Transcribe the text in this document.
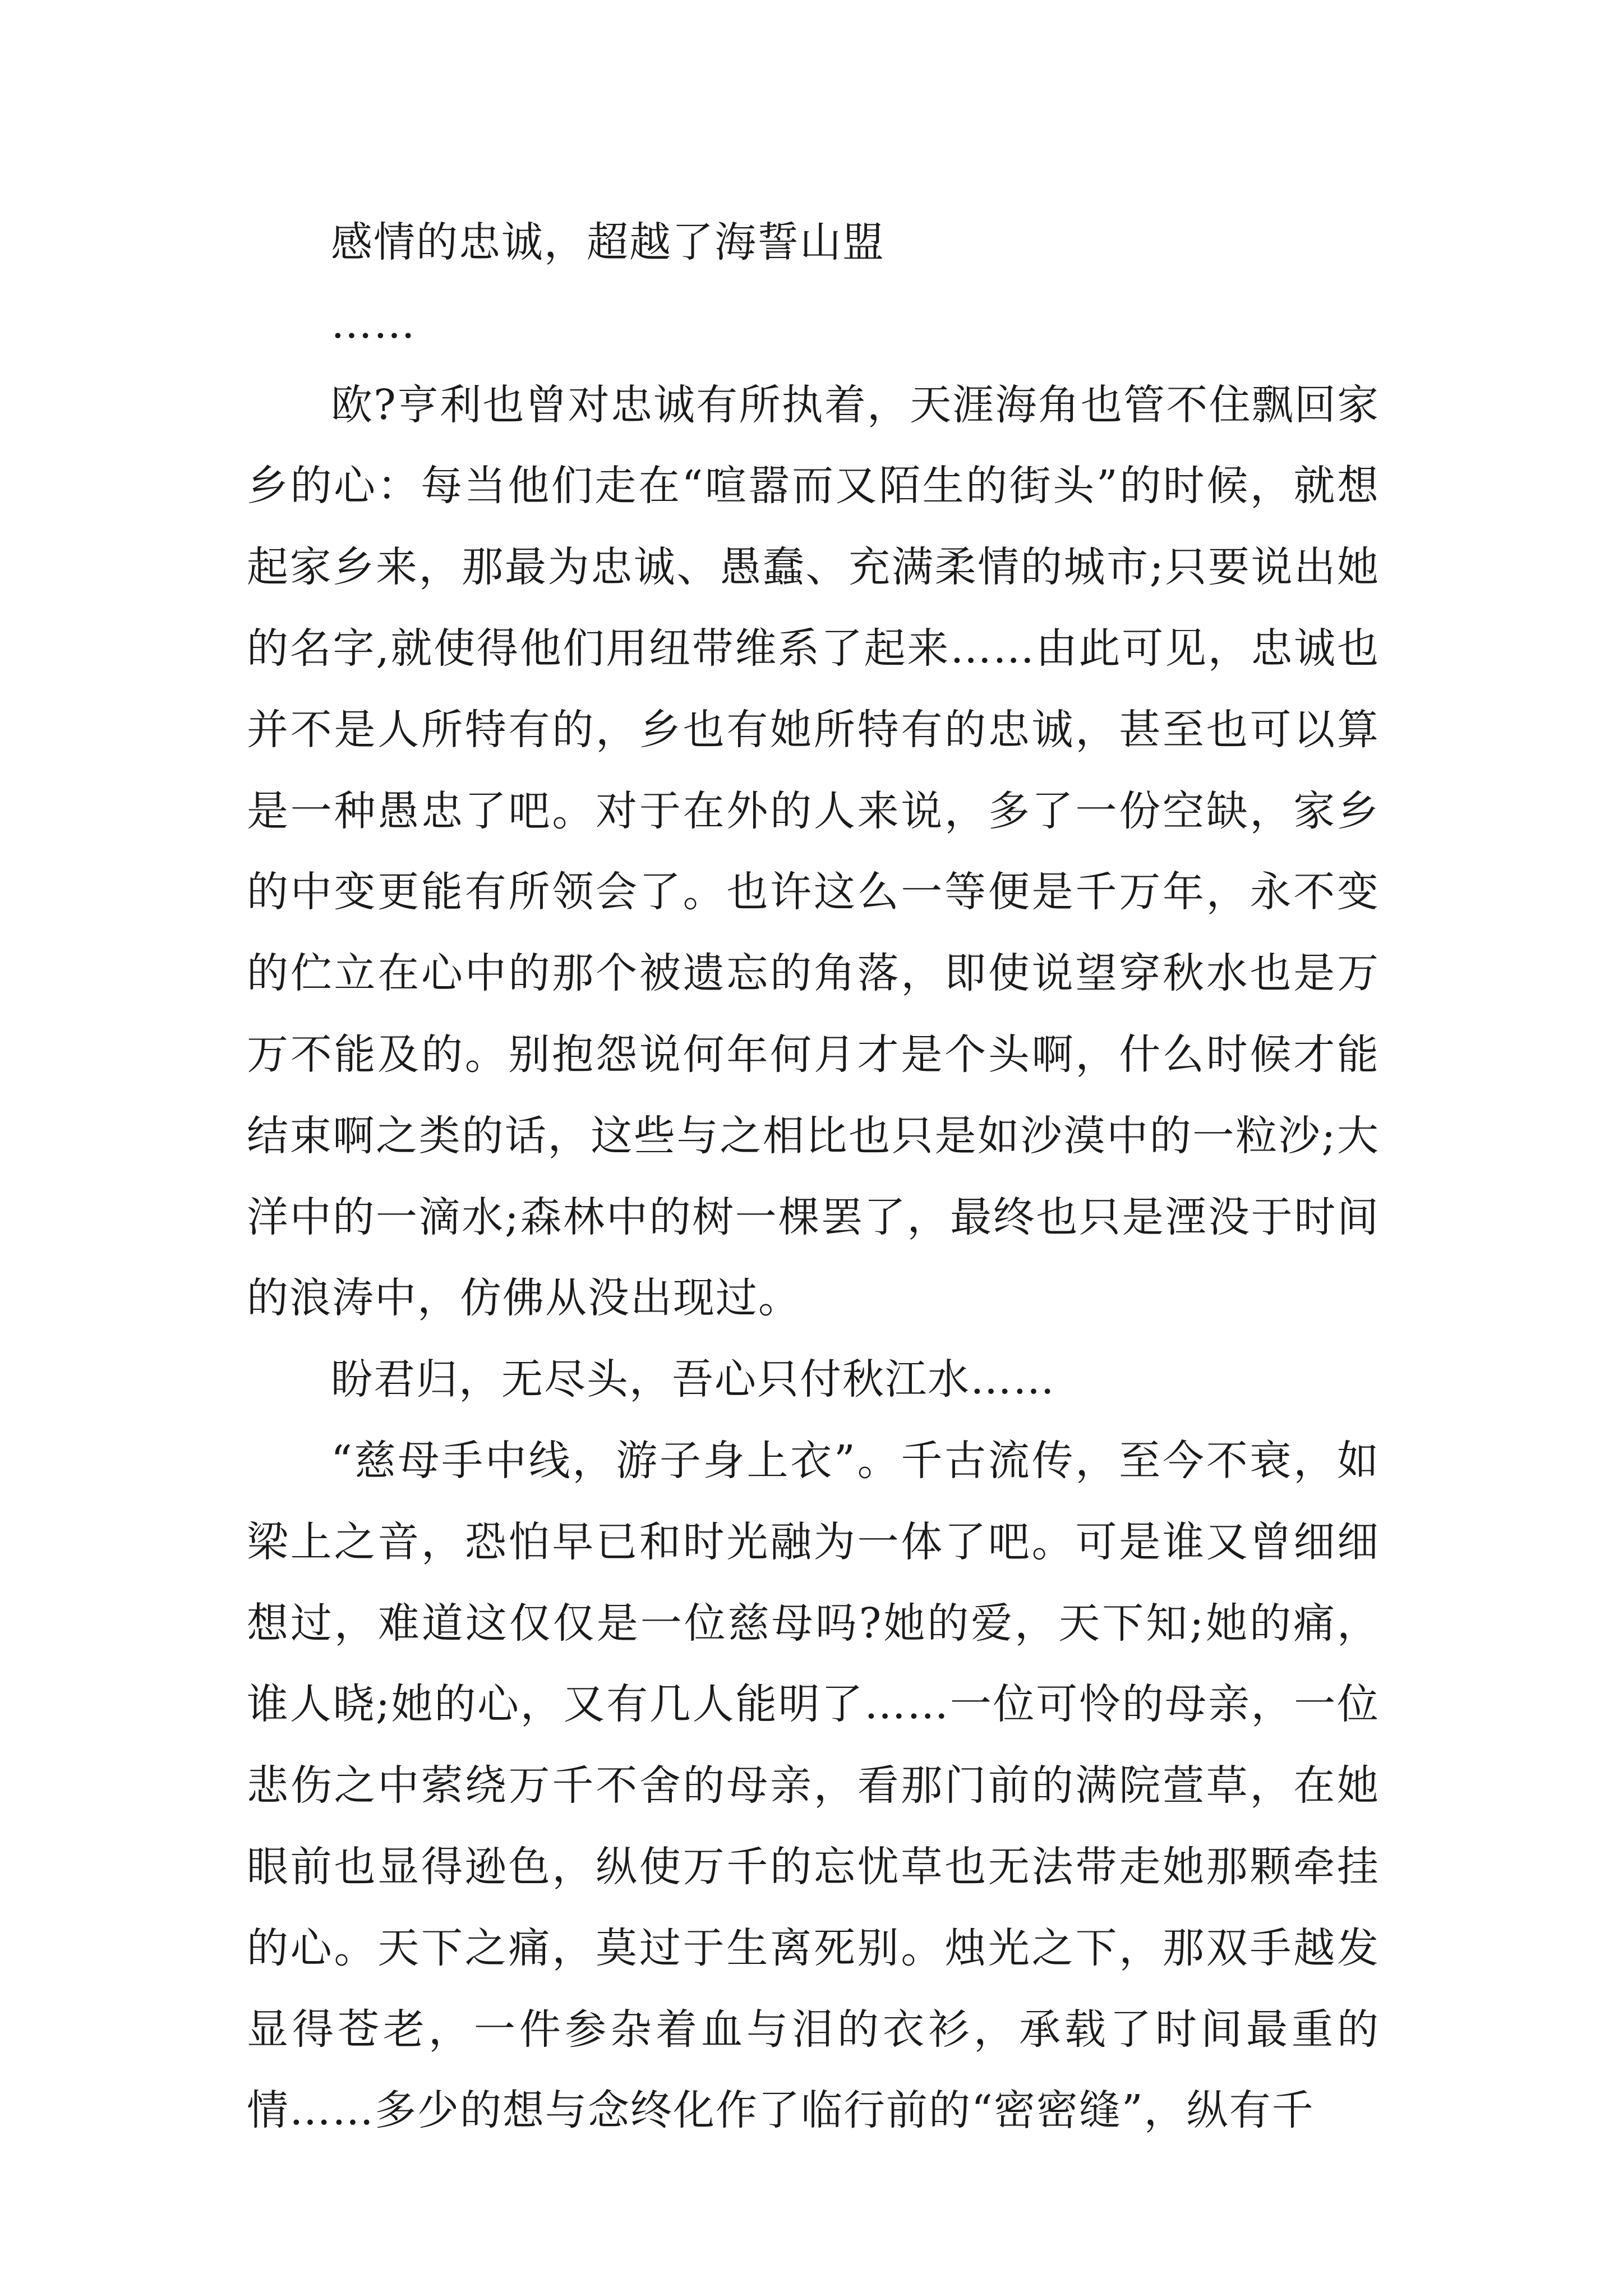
感情的忠诚，超越了海誓山盟

……

欧?亨利也曾对忠诚有所执着，天涯海角也管不住飘回家乡的心：每当他们走在“喧嚣而又陌生的街头”的时候，就想起家乡来，那最为忠诚、愚蠢、充满柔情的城市;只要说出她的名字,就使得他们用纽带维系了起来……由此可见，忠诚也并不是人所特有的，乡也有她所特有的忠诚，甚至也可以算是一种愚忠了吧。对于在外的人来说，多了一份空缺，家乡的中变更能有所领会了。也许这么一等便是千万年，永不变的伫立在心中的那个被遗忘的角落，即使说望穿秋水也是万万不能及的。别抱怨说何年何月才是个头啊，什么时候才能结束啊之类的话，这些与之相比也只是如沙漠中的一粒沙;大洋中的一滴水;森林中的树一棵罢了，最终也只是湮没于时间的浪涛中，仿佛从没出现过。

盼君归，无尽头，吾心只付秋江水……

“慈母手中线，游子身上衣”。千古流传，至今不衰，如梁上之音，恐怕早已和时光融为一体了吧。可是谁又曾细细想过，难道这仅仅是一位慈母吗?她的爱，天下知;她的痛，谁人晓;她的心，又有几人能明了……一位可怜的母亲，一位悲伤之中萦绕万千不舍的母亲，看那门前的满院萱草，在她眼前也显得逊色，纵使万千的忘忧草也无法带走她那颗牵挂的心。天下之痛，莫过于生离死别。烛光之下，那双手越发显得苍老，一件参杂着血与泪的衣衫，承载了时间最重的情……多少的想与念终化作了临行前的“密密缝”，纵有千
